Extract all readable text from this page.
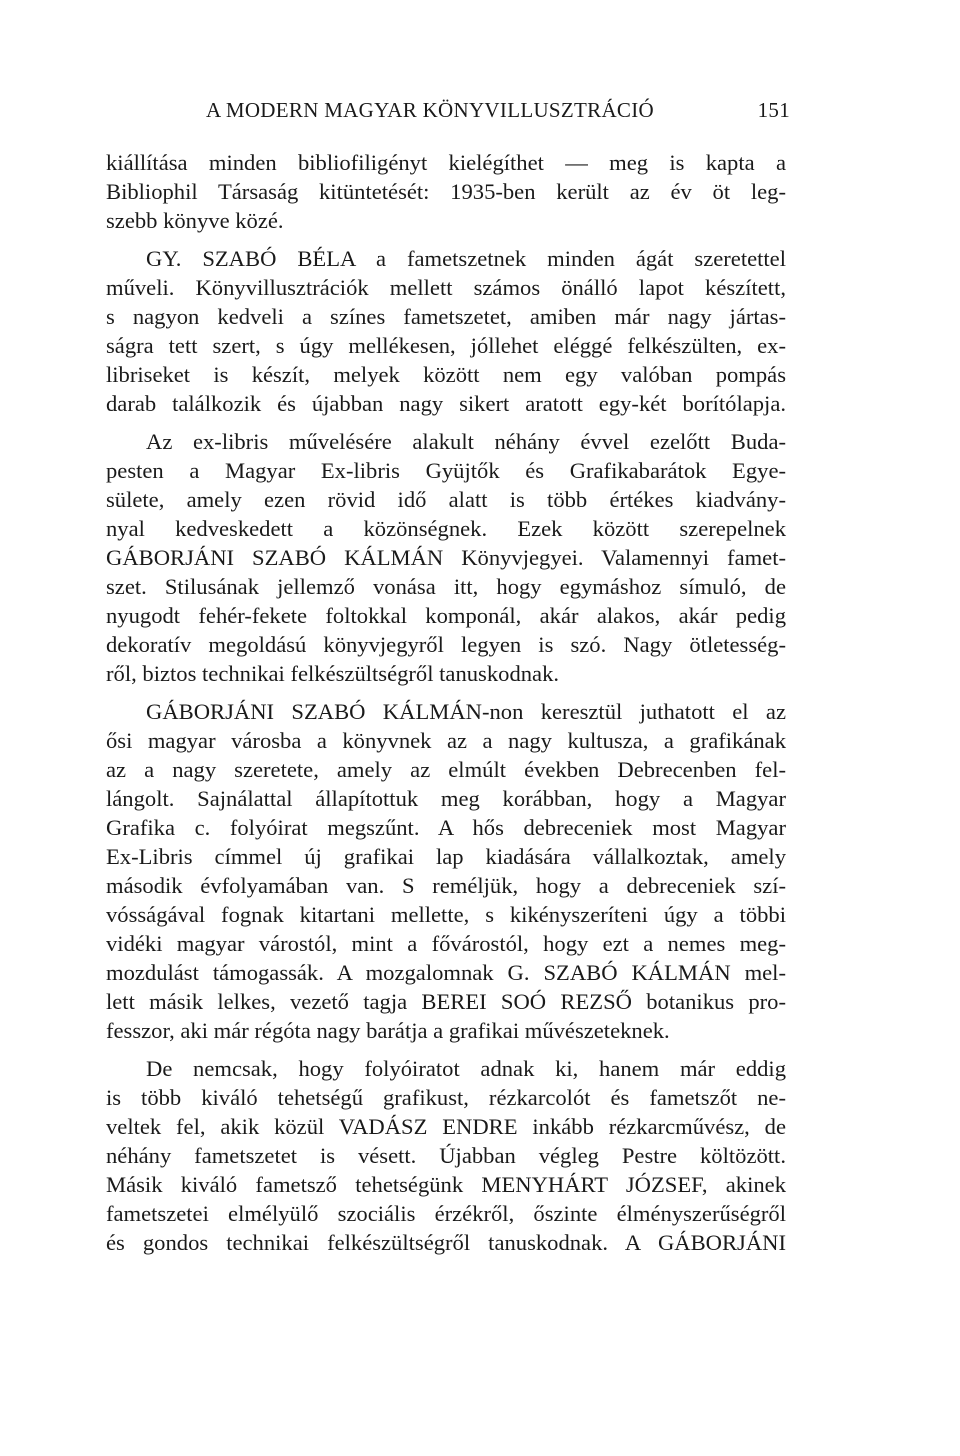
A MODERN MAGYAR KÖNYVILLUSZTRÁCIÓ	151
kiállítása minden bibliofiligényt kielégíthet — meg is kapta a
Bibliophil Társaság kitüntetését: 1935-ben került az év öt leg-
szebb könyve közé.
GY. SZABÓ BÉLA a fametszetnek minden ágát szeretettel
műveli. Könyvillusztrációk mellett számos önálló lapot készített,
s nagyon kedveli a színes fametszetet, amiben már nagy jártas-
ságra tett szert, s úgy mellékesen, jóllehet eléggé felkészülten, ex-
libriseket is készít, melyek között nem egy valóban pompás
darab találkozik és újabban nagy sikert aratott egy-két borítólapja.
Az ex-libris művelésére alakult néhány évvel ezelőtt Buda-
pesten a Magyar Ex-libris Gyüjtők és Grafikabarátok Egye-
sülete, amely ezen rövid idő alatt is több értékes kiadvány-
nyal kedveskedett a közönségnek. Ezek között szerepelnek
GÁBORJÁNI SZABÓ KÁLMÁN Könyvjegyei. Valamennyi famet-
szet. Stilusának jellemző vonása itt, hogy egymáshoz símuló, de
nyugodt fehér-fekete foltokkal komponál, akár alakos, akár pedig
dekoratív megoldású könyvjegyről legyen is szó. Nagy ötletesség-
ről, biztos technikai felkészültségről tanuskodnak.
GÁBORJÁNI SZABÓ KÁLMÁN-non keresztül juthatott el az
ősi magyar városba a könyvnek az a nagy kultusza, a grafikának
az a nagy szeretete, amely az elmúlt években Debrecenben fel-
lángolt. Sajnálattal állapítottuk meg korábban, hogy a Magyar
Grafika c. folyóirat megszűnt. A hős debreceniek most Magyar
Ex-Libris címmel új grafikai lap kiadására vállalkoztak, amely
második évfolyamában van. S reméljük, hogy a debreceniek szí-
vósságával fognak kitartani mellette, s kikényszeríteni úgy a többi
vidéki magyar várostól, mint a fővárostól, hogy ezt a nemes meg-
mozdulást támogassák. A mozgalomnak G. SZABÓ KÁLMÁN mel-
lett másik lelkes, vezető tagja BEREI SOÓ REZSŐ botanikus pro-
fesszor, aki már régóta nagy barátja a grafikai művészeteknek.
De nemcsak, hogy folyóiratot adnak ki, hanem már eddig
is több kiváló tehetségű grafikust, rézkarcolót és fametszőt ne-
veltek fel, akik közül VADÁSZ ENDRE inkább rézkarcművész, de
néhány fametszetet is vésett. Újabban végleg Pestre költözött.
Másik kiváló fametsző tehetségünk MENYHÁRT JÓZSEF, akinek
fametszetei elmélyülő szociális érzékről, őszinte élményszerűségről
és gondos technikai felkészültségről tanuskodnak. A GÁBORJÁNI
